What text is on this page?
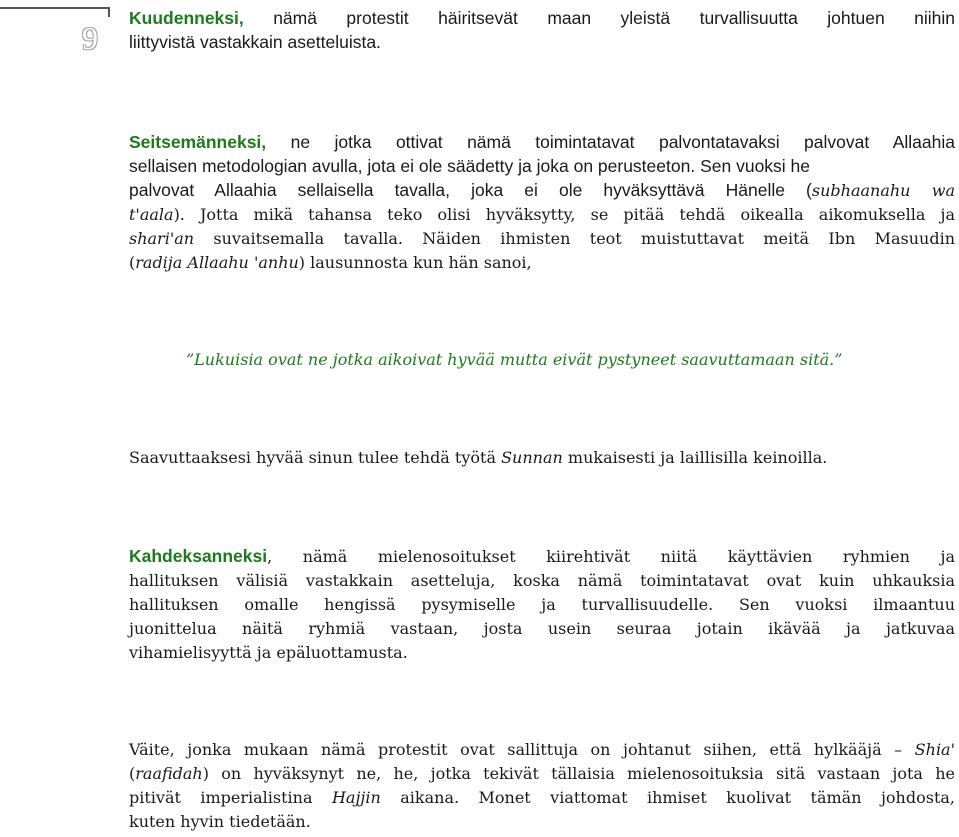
9
Kuudenneksi, nämä protestit häiritsevät maan yleistä turvallisuutta johtuen niihin
liittyvistä vastakkain asetteluista.
Seitsemänneksi, ne jotka ottivat nämä toimintatavat palvontatavaksi palvovat Allaahia
sellaisen metodologian avulla, jota ei ole säädetty ja joka on perusteeton. Sen vuoksi he
palvovat Allaahia sellaisella tavalla, joka ei ole hyväksyttävä Hänelle (subhaanahu wa
t'aala). Jotta mikä tahansa teko olisi hyväksytty, se pitää tehdä oikealla aikomuksella ja
shari'an suvaitsemalla tavalla. Näiden ihmisten teot muistuttavat meitä Ibn Masuudin
(radija Allaahu 'anhu) lausunnosta kun hän sanoi,
”Lukuisia ovat ne jotka aikoivat hyvää mutta eivät pystyneet saavuttamaan sitä.”
Saavuttaaksesi hyvää sinun tulee tehdä työtä Sunnan mukaisesti ja laillisilla keinoilla.
Kahdeksanneksi, nämä mielenosoitukset kiirehtivät niitä käyttävien ryhmien ja
hallituksen välisiä vastakkain asetteluja, koska nämä toimintatavat ovat kuin uhkauksia
hallituksen omalle hengissä pysymiselle ja turvallisuudelle. Sen vuoksi ilmaantuu
juonittelua näitä ryhmiä vastaan, josta usein seuraa jotain ikävää ja jatkuvaa
vihamielisyyttä ja epäluottamusta.
Väite, jonka mukaan nämä protestit ovat sallittuja on johtanut siihen, että hylkääjä – Shia'
(raafidah) on hyväksynyt ne, he, jotka tekivät tällaisia mielenosoituksia sitä vastaan jota he
pitivät imperialistina Hajjin aikana. Monet viattomat ihmiset kuolivat tämän johdosta,
kuten hyvin tiedetään.
